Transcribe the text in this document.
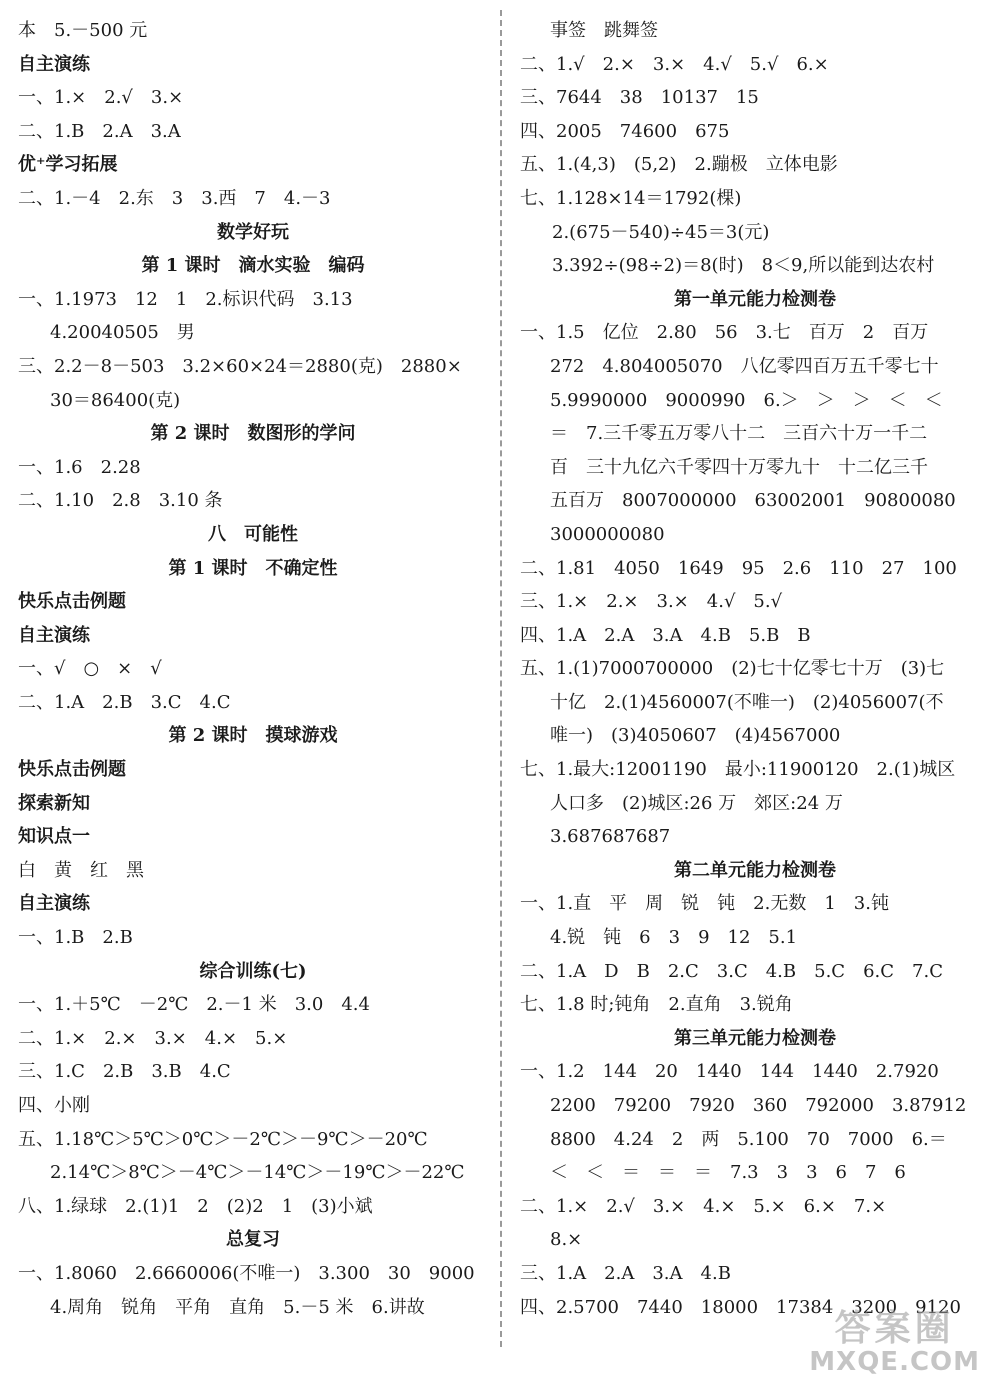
本　5.－500 元
自主演练
一、1.×　2.√　3.×
二、1.B　2.A　3.A
优⁺学习拓展
二、1.－4　2.东　3　3.西　7　4.－3
数学好玩
第 1 课时　滴水实验　编码
一、1.1973　12　1　2.标识代码　3.13
4.20040505　男
三、2.2－8－503　3.2×60×24＝2880(克)　2880×
30＝86400(克)
第 2 课时　数图形的学问
一、1.6　2.28
二、1.10　2.8　3.10 条
八　可能性
第 1 课时　不确定性
快乐点击例题
自主演练
一、√　○　×　√
二、1.A　2.B　3.C　4.C
第 2 课时　摸球游戏
快乐点击例题
探索新知
知识点一
白　黄　红　黑
自主演练
一、1.B　2.B
综合训练(七)
一、1.＋5℃　－2℃　2.－1 米　3.0　4.4
二、1.×　2.×　3.×　4.×　5.×
三、1.C　2.B　3.B　4.C
四、小刚
五、1.18℃＞5℃＞0℃＞－2℃＞－9℃＞－20℃
2.14℃＞8℃＞－4℃＞－14℃＞－19℃＞－22℃
八、1.绿球　2.(1)1　2　(2)2　1　(3)小斌
总复习
一、1.8060　2.6660006(不唯一)　3.300　30　9000
4.周角　锐角　平角　直角　5.－5 米　6.讲故
事签　跳舞签
二、1.√　2.×　3.×　4.√　5.√　6.×
三、7644　38　10137　15
四、2005　74600　675
五、1.(4,3)　(5,2)　2.蹦极　立体电影
七、1.128×14＝1792(棵)
2.(675－540)÷45＝3(元)
3.392÷(98÷2)＝8(时)　8＜9,所以能到达农村
第一单元能力检测卷
一、1.5　亿位　2.80　56　3.七　百万　2　百万
272　4.804005070　八亿零四百万五千零七十
5.9990000　9000990　6.＞　＞　＞　＜　＜
＝　7.三千零五万零八十二　三百六十万一千二
百　三十九亿六千零四十万零九十　十二亿三千
五百万　8007000000　63002001　90800080
3000000080
二、1.81　4050　1649　95　2.6　110　27　100
三、1.×　2.×　3.×　4.√　5.√
四、1.A　2.A　3.A　4.B　5.B　B
五、1.(1)7000700000　(2)七十亿零七十万　(3)七
十亿　2.(1)4560007(不唯一)　(2)4056007(不
唯一)　(3)4050607　(4)4567000
七、1.最大:12001190　最小:11900120　2.(1)城区
人口多　(2)城区:26 万　郊区:24 万
3.687687687
第二单元能力检测卷
一、1.直　平　周　锐　钝　2.无数　1　3.钝
4.锐　钝　6　3　9　12　5.1
二、1.A　D　B　2.C　3.C　4.B　5.C　6.C　7.C
七、1.8 时;钝角　2.直角　3.锐角
第三单元能力检测卷
一、1.2　144　20　1440　144　1440　2.7920
2200　79200　7920　360　792000　3.87912
8800　4.24　2　两　5.100　70　7000　6.＝
＜　＜　＝　＝　＝　7.3　3　3　6　7　6
二、1.×　2.√　3.×　4.×　5.×　6.×　7.×
8.×
三、1.A　2.A　3.A　4.B
四、2.5700　7440　18000　17384　3200　9120
答案圈
MXQE.COM
